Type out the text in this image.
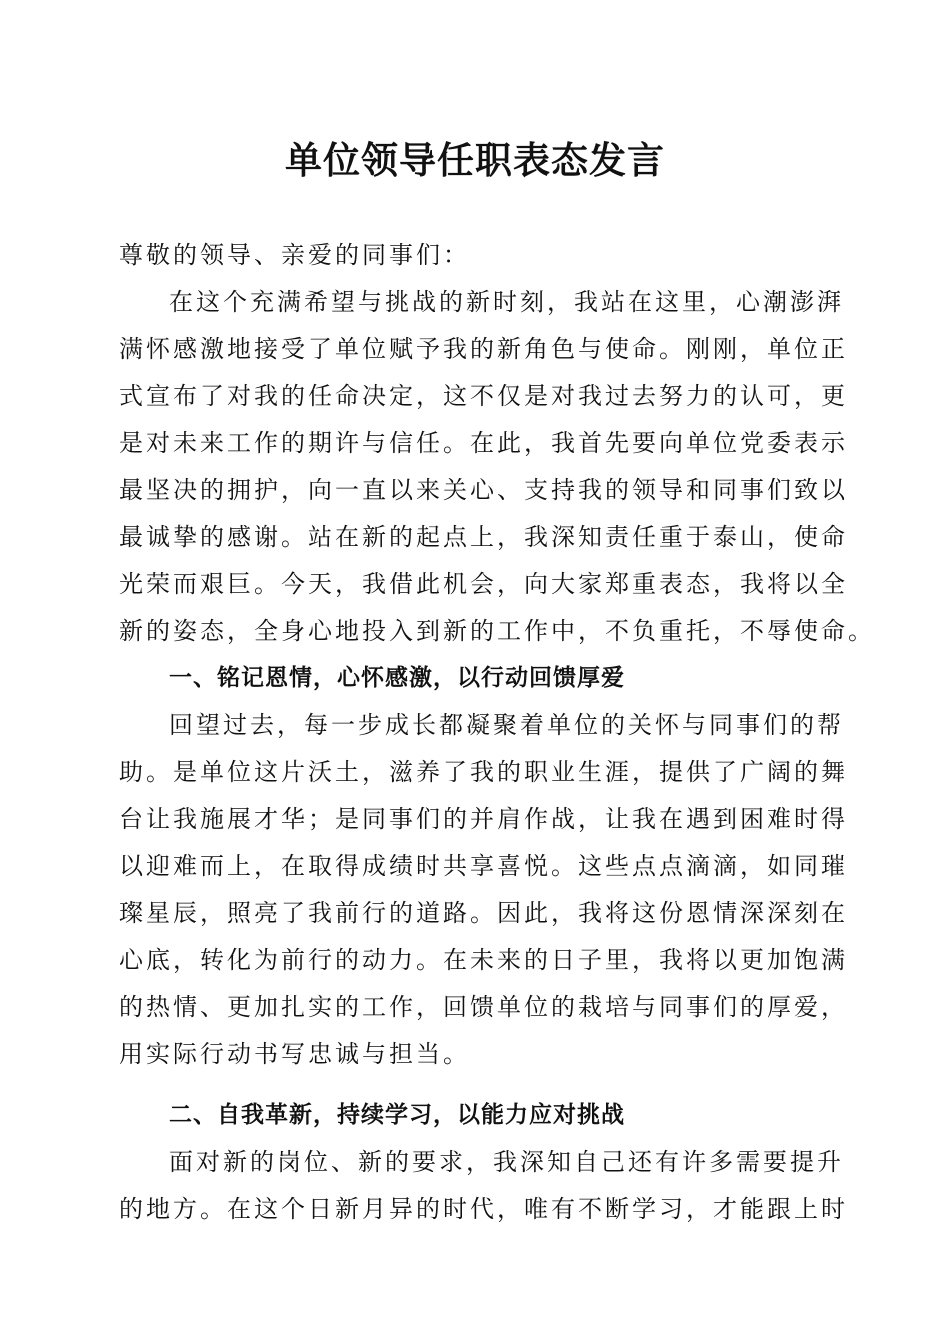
单位领导任职表态发言

尊敬的领导、亲爱的同事们：

在这个充满希望与挑战的新时刻，我站在这里，心潮澎湃

满怀感激地接受了单位赋予我的新角色与使命。刚刚，单位正

式宣布了对我的任命决定，这不仅是对我过去努力的认可，更

是对未来工作的期许与信任。在此，我首先要向单位党委表示

最坚决的拥护，向一直以来关心、支持我的领导和同事们致以

最诚挚的感谢。站在新的起点上，我深知责任重于泰山，使命

光荣而艰巨。今天，我借此机会，向大家郑重表态，我将以全

新的姿态，全身心地投入到新的工作中，不负重托，不辱使命。

一、铭记恩情，心怀感激，以行动回馈厚爱

回望过去，每一步成长都凝聚着单位的关怀与同事们的帮

助。是单位这片沃土，滋养了我的职业生涯，提供了广阔的舞

台让我施展才华；是同事们的并肩作战，让我在遇到困难时得

以迎难而上，在取得成绩时共享喜悦。这些点点滴滴，如同璀

璨星辰，照亮了我前行的道路。因此，我将这份恩情深深刻在

心底，转化为前行的动力。在未来的日子里，我将以更加饱满

的热情、更加扎实的工作，回馈单位的栽培与同事们的厚爱，

用实际行动书写忠诚与担当。

二、自我革新，持续学习，以能力应对挑战

面对新的岗位、新的要求，我深知自己还有许多需要提升

的地方。在这个日新月异的时代，唯有不断学习，才能跟上时
